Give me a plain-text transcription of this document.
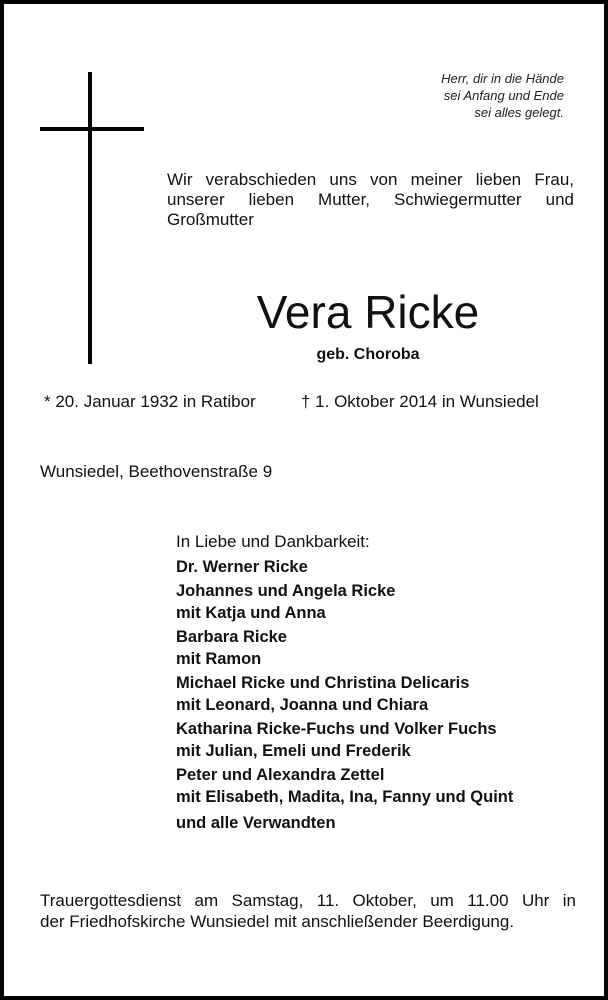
Herr, dir in die Hände
sei Anfang und Ende
sei alles gelegt.
Wir verabschieden uns von meiner lieben Frau,
unserer lieben Mutter, Schwiegermutter und
Großmutter
Vera Ricke
geb. Choroba
* 20. Januar 1932 in Ratibor	† 1. Oktober 2014 in Wunsiedel
Wunsiedel, Beethovenstraße 9
In Liebe und Dankbarkeit:
Dr. Werner Ricke
Johannes und Angela Ricke
mit Katja und Anna
Barbara Ricke
mit Ramon
Michael Ricke und Christina Delicaris
mit Leonard, Joanna und Chiara
Katharina Ricke-Fuchs und Volker Fuchs
mit Julian, Emeli und Frederik
Peter und Alexandra Zettel
mit Elisabeth, Madita, Ina, Fanny und Quint
und alle Verwandten
Trauergottesdienst am Samstag, 11. Oktober, um 11.00 Uhr in
der Friedhofskirche Wunsiedel mit anschließender Beerdigung.
